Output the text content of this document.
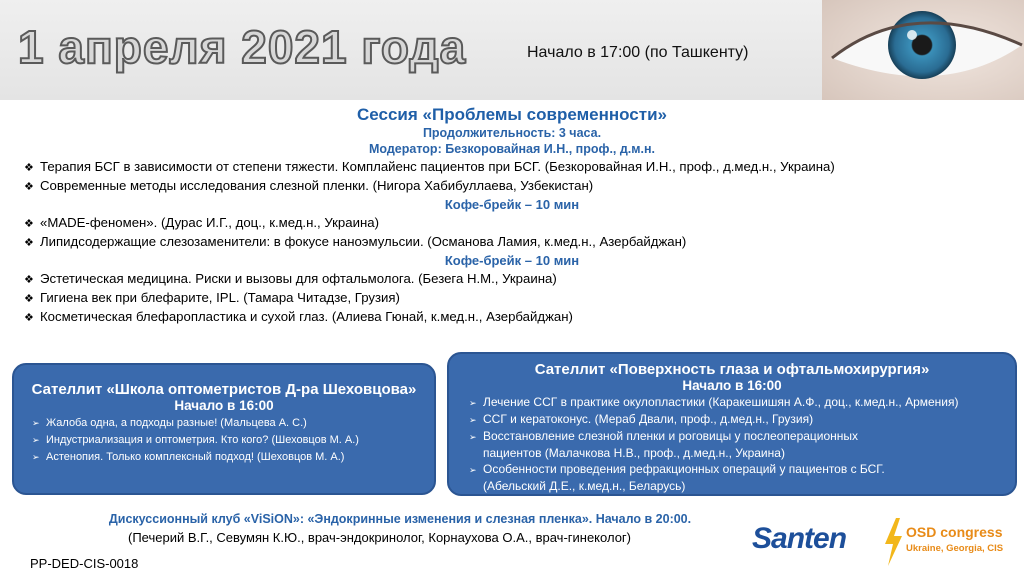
1 апреля 2021 года	Начало в 17:00 (по Ташкенту)
Сессия «Проблемы современности»
Продолжительность: 3 часа.
Модератор: Безкоровайная И.Н., проф., д.м.н.
❖ Терапия БСГ в зависимости от степени тяжести. Комплайенс пациентов при БСГ. (Безкоровайная И.Н., проф., д.мед.н., Украина)
❖ Современные методы исследования слезной пленки. (Нигора Хабибуллаева, Узбекистан)
Кофе-брейк – 10 мин
❖ «MADE-феномен». (Дурас И.Г., доц., к.мед.н., Украина)
❖ Липидсодержащие слезозаменители: в фокусе наноэмульсии. (Османова Ламия, к.мед.н., Азербайджан)
Кофе-брейк – 10 мин
❖ Эстетическая медицина. Риски и вызовы для офтальмолога. (Безега Н.М., Украина)
❖ Гигиена век при блефарите, IPL. (Тамара Читадзе, Грузия)
❖ Косметическая блефаропластика и сухой глаз. (Алиева Гюнай, к.мед.н., Азербайджан)
Сателлит «Школа оптометристов Д-ра Шеховцова»
Начало в 16:00
➢ Жалоба одна, а подходы разные! (Мальцева А. С.)
➢ Индустриализация и оптометрия. Кто кого? (Шеховцов М. А.)
➢ Астенопия. Только комплексный подход! (Шеховцов М. А.)
Сателлит «Поверхность глаза и офтальмохирургия»
Начало в 16:00
➢ Лечение ССГ в практике окулопластики (Каракешишян А.Ф., доц., к.мед.н., Армения)
➢ ССГ и кератоконус. (Мераб Двали, проф., д.мед.н., Грузия)
➢ Восстановление слезной пленки и роговицы у послеоперационных
пациентов (Малачкова Н.В., проф., д.мед.н., Украина)
➢ Особенности проведения рефракционных операций у пациентов с БСГ.
(Абельский Д.Е., к.мед.н., Беларусь)
Дискуссионный клуб «ViSiON»: «Эндокринные изменения и слезная пленка». Начало в 20:00.
(Печерий В.Г., Севумян К.Ю., врач-эндокринолог, Корнаухова О.А., врач-гинеколог)
PP-DED-CIS-0018
Santen	OSD congress
Ukraine, Georgia, CIS
